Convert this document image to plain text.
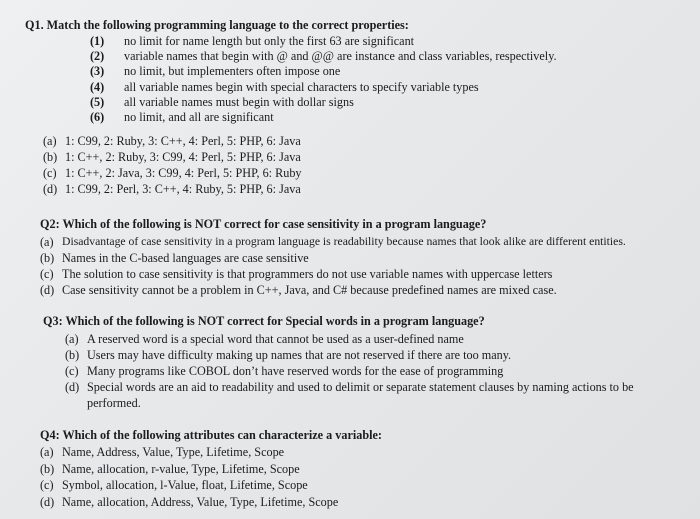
Q1. Match the following programming language to the correct properties:
(1)	no limit for name length but only the first 63 are significant
(2)	variable names that begin with @ and @@ are instance and class variables, respectively.
(3)	no limit, but implementers often impose one
(4)	all variable names begin with special characters to specify variable types
(5)	all variable names must begin with dollar signs
(6)	no limit, and all are significant
(a) 1: C99, 2: Ruby, 3: C++, 4: Perl, 5: PHP, 6: Java
(b) 1: C++, 2: Ruby, 3: C99, 4: Perl, 5: PHP, 6: Java
(c) 1: C++, 2: Java, 3: C99, 4: Perl, 5: PHP, 6: Ruby
(d) 1: C99, 2: Perl, 3: C++, 4: Ruby, 5: PHP, 6: Java
Q2: Which of the following is NOT correct for case sensitivity in a program language?
(a) Disadvantage of case sensitivity in a program language is readability because names that look alike are different entities.
(b) Names in the C-based languages are case sensitive
(c) The solution to case sensitivity is that programmers do not use variable names with uppercase letters
(d) Case sensitivity cannot be a problem in C++, Java, and C# because predefined names are mixed case.
Q3: Which of the following is NOT correct for Special words in a program language?
(a) A reserved word is a special word that cannot be used as a user-defined name
(b) Users may have difficulty making up names that are not reserved if there are too many.
(c) Many programs like COBOL don’t have reserved words for the ease of programming
(d) Special words are an aid to readability and used to delimit or separate statement clauses by naming actions to be performed.
Q4: Which of the following attributes can characterize a variable:
(a) Name, Address, Value, Type, Lifetime, Scope
(b) Name, allocation, r-value, Type, Lifetime, Scope
(c) Symbol, allocation, l-Value, float, Lifetime, Scope
(d) Name, allocation, Address, Value, Type, Lifetime, Scope
